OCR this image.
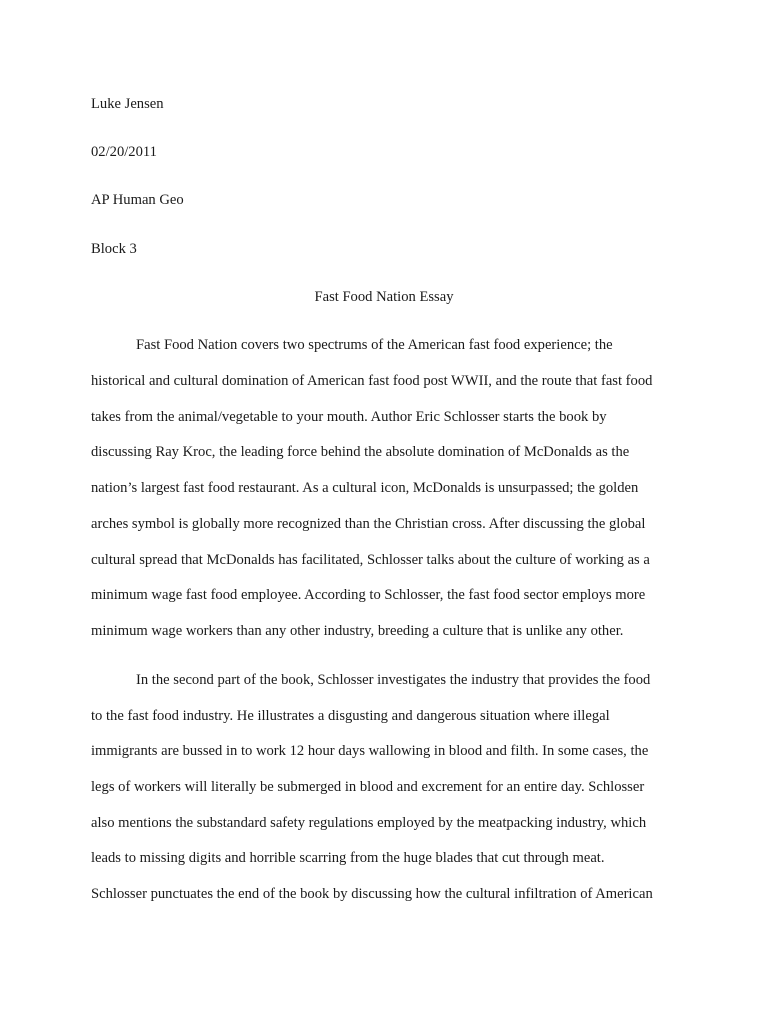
Luke Jensen
02/20/2011
AP Human Geo
Block 3
Fast Food Nation Essay
Fast Food Nation covers two spectrums of the American fast food experience; the
historical and cultural domination of American fast food post WWII, and the route that fast food
takes from the animal/vegetable to your mouth. Author Eric Schlosser starts the book by
discussing Ray Kroc, the leading force behind the absolute domination of McDonalds as the
nation’s largest fast food restaurant. As a cultural icon, McDonalds is unsurpassed; the golden
arches symbol is globally more recognized than the Christian cross. After discussing the global
cultural spread that McDonalds has facilitated, Schlosser talks about the culture of working as a
minimum wage fast food employee. According to Schlosser, the fast food sector employs more
minimum wage workers than any other industry, breeding a culture that is unlike any other.
In the second part of the book, Schlosser investigates the industry that provides the food
to the fast food industry. He illustrates a disgusting and dangerous situation where illegal
immigrants are bussed in to work 12 hour days wallowing in blood and filth. In some cases, the
legs of workers will literally be submerged in blood and excrement for an entire day. Schlosser
also mentions the substandard safety regulations employed by the meatpacking industry, which
leads to missing digits and horrible scarring from the huge blades that cut through meat.
Schlosser punctuates the end of the book by discussing how the cultural infiltration of American
